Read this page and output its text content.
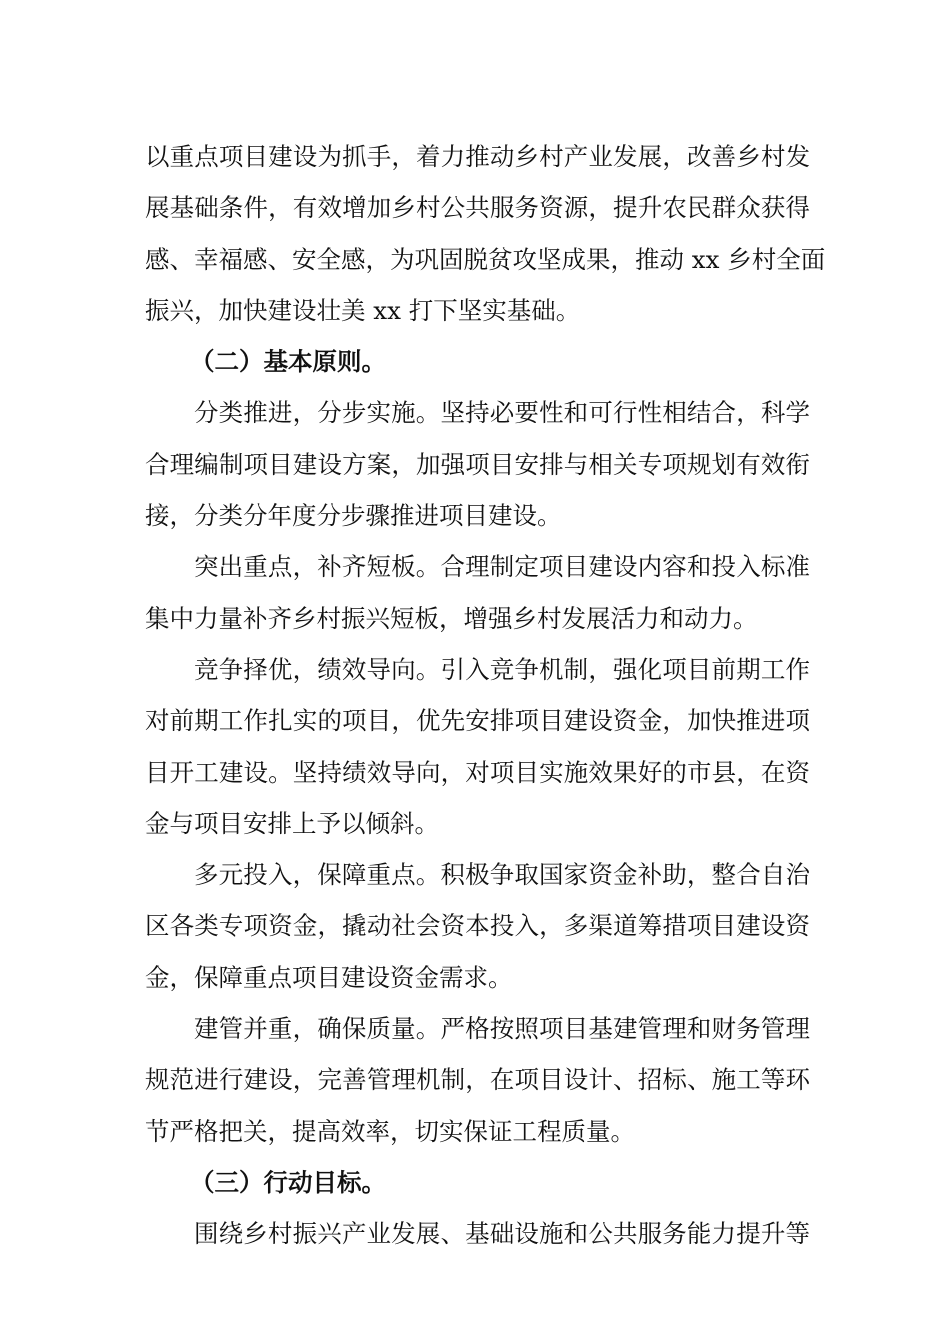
以重点项目建设为抓手，着力推动乡村产业发展，改善乡村发
展基础条件，有效增加乡村公共服务资源，提升农民群众获得
感、幸福感、安全感，为巩固脱贫攻坚成果，推动 xx 乡村全面
振兴，加快建设壮美 xx 打下坚实基础。
（二）基本原则。
分类推进，分步实施。坚持必要性和可行性相结合，科学
合理编制项目建设方案，加强项目安排与相关专项规划有效衔
接，分类分年度分步骤推进项目建设。
突出重点，补齐短板。合理制定项目建设内容和投入标准
集中力量补齐乡村振兴短板，增强乡村发展活力和动力。
竞争择优，绩效导向。引入竞争机制，强化项目前期工作
对前期工作扎实的项目，优先安排项目建设资金，加快推进项
目开工建设。坚持绩效导向，对项目实施效果好的市县，在资
金与项目安排上予以倾斜。
多元投入，保障重点。积极争取国家资金补助，整合自治
区各类专项资金，撬动社会资本投入，多渠道筹措项目建设资
金，保障重点项目建设资金需求。
建管并重，确保质量。严格按照项目基建管理和财务管理
规范进行建设，完善管理机制，在项目设计、招标、施工等环
节严格把关，提高效率，切实保证工程质量。
（三）行动目标。
围绕乡村振兴产业发展、基础设施和公共服务能力提升等
